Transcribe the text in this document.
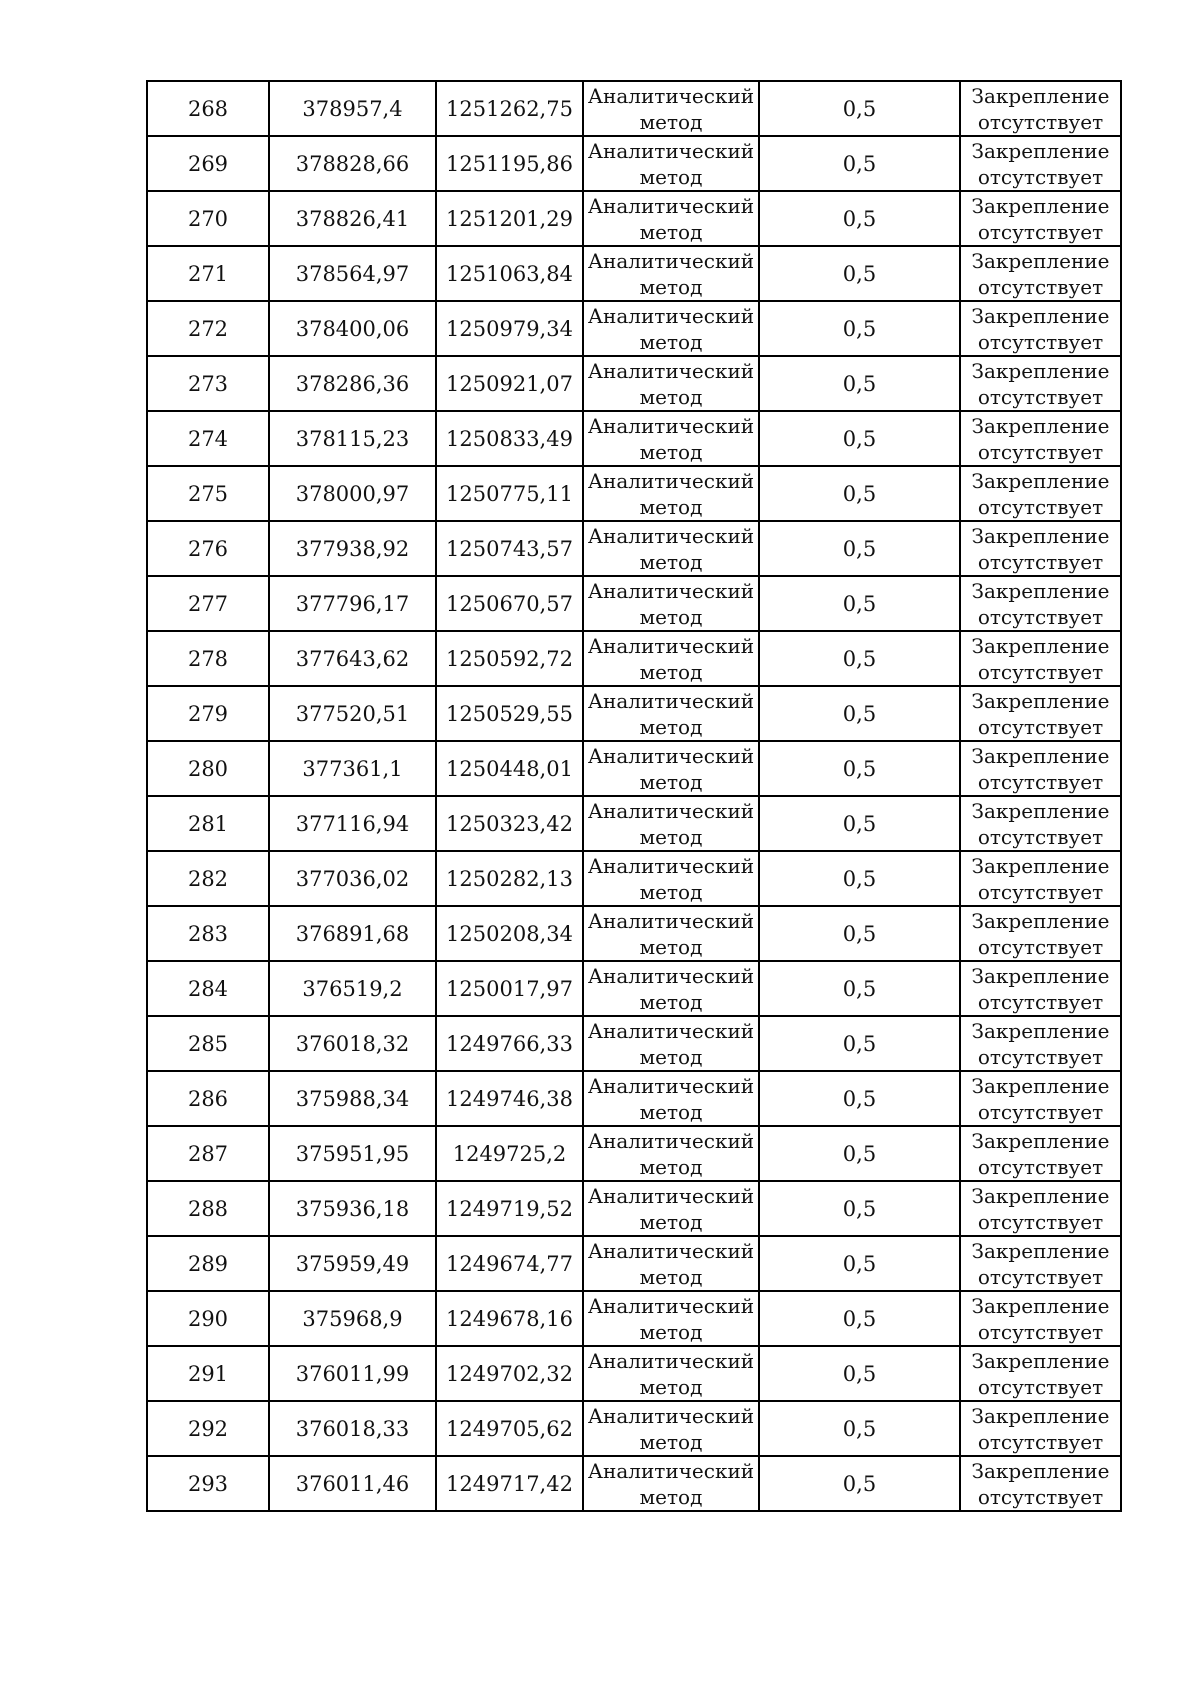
268	378957,4	1251262,75	Аналитический
метод	0,5	Закрепление
отсутствует

269	378828,66	1251195,86	Аналитический
метод	0,5	Закрепление
отсутствует

270	378826,41	1251201,29	Аналитический
метод	0,5	Закрепление
отсутствует

271	378564,97	1251063,84	Аналитический
метод	0,5	Закрепление
отсутствует

272	378400,06	1250979,34	Аналитический
метод	0,5	Закрепление
отсутствует

273	378286,36	1250921,07	Аналитический
метод	0,5	Закрепление
отсутствует

274	378115,23	1250833,49	Аналитический
метод	0,5	Закрепление
отсутствует

275	378000,97	1250775,11	Аналитический
метод	0,5	Закрепление
отсутствует

276	377938,92	1250743,57	Аналитический
метод	0,5	Закрепление
отсутствует

277	377796,17	1250670,57	Аналитический
метод	0,5	Закрепление
отсутствует

278	377643,62	1250592,72	Аналитический
метод	0,5	Закрепление
отсутствует

279	377520,51	1250529,55	Аналитический
метод	0,5	Закрепление
отсутствует

280	377361,1	1250448,01	Аналитический
метод	0,5	Закрепление
отсутствует

281	377116,94	1250323,42	Аналитический
метод	0,5	Закрепление
отсутствует

282	377036,02	1250282,13	Аналитический
метод	0,5	Закрепление
отсутствует

283	376891,68	1250208,34	Аналитический
метод	0,5	Закрепление
отсутствует

284	376519,2	1250017,97	Аналитический
метод	0,5	Закрепление
отсутствует

285	376018,32	1249766,33	Аналитический
метод	0,5	Закрепление
отсутствует

286	375988,34	1249746,38	Аналитический
метод	0,5	Закрепление
отсутствует

287	375951,95	1249725,2	Аналитический
метод	0,5	Закрепление
отсутствует

288	375936,18	1249719,52	Аналитический
метод	0,5	Закрепление
отсутствует

289	375959,49	1249674,77	Аналитический
метод	0,5	Закрепление
отсутствует

290	375968,9	1249678,16	Аналитический
метод	0,5	Закрепление
отсутствует

291	376011,99	1249702,32	Аналитический
метод	0,5	Закрепление
отсутствует

292	376018,33	1249705,62	Аналитический
метод	0,5	Закрепление
отсутствует

293	376011,46	1249717,42	Аналитический
метод	0,5	Закрепление
отсутствует
